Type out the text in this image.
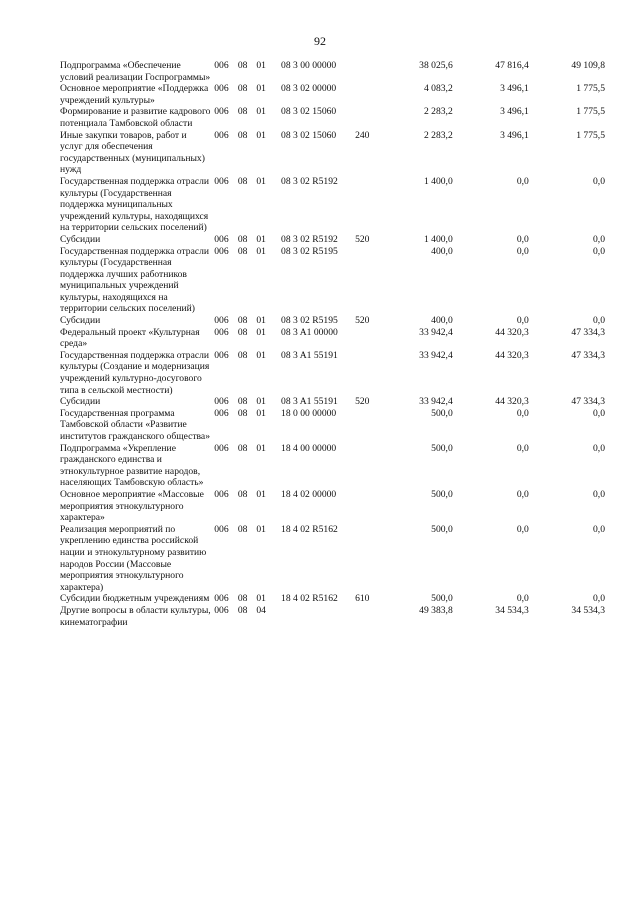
92
Подпрограмма «Обеспечение условий реализации Госпрограммы»	006	08	01	08 3 00 00000		38 025,6	47 816,4	49 109,8
Основное мероприятие «Поддержка учреждений культуры»	006	08	01	08 3 02 00000		4 083,2	3 496,1	1 775,5
Формирование и развитие кадрового потенциала Тамбовской области	006	08	01	08 3 02 15060		2 283,2	3 496,1	1 775,5
Иные закупки товаров, работ и услуг для обеспечения государственных (муниципальных) нужд	006	08	01	08 3 02 15060	240	2 283,2	3 496,1	1 775,5
Государственная поддержка отрасли культуры (Государственная поддержка муниципальных учреждений культуры, находящихся на территории сельских поселений)	006	08	01	08 3 02 R5192		1 400,0	0,0	0,0
Субсидии	006	08	01	08 3 02 R5192	520	1 400,0	0,0	0,0
Государственная поддержка отрасли культуры (Государственная поддержка лучших работников муниципальных учреждений культуры, находящихся на территории сельских поселений)	006	08	01	08 3 02 R5195		400,0	0,0	0,0
Субсидии	006	08	01	08 3 02 R5195	520	400,0	0,0	0,0
Федеральный проект «Культурная среда»	006	08	01	08 3 A1 00000		33 942,4	44 320,3	47 334,3
Государственная поддержка отрасли культуры (Создание и модернизация учреждений культурно-досугового типа в сельской местности)	006	08	01	08 3 A1 55191		33 942,4	44 320,3	47 334,3
Субсидии	006	08	01	08 3 A1 55191	520	33 942,4	44 320,3	47 334,3
Государственная программа Тамбовской области «Развитие институтов гражданского общества»	006	08	01	18 0 00 00000		500,0	0,0	0,0
Подпрограмма «Укрепление гражданского единства и этнокультурное развитие народов, населяющих Тамбовскую область»	006	08	01	18 4 00 00000		500,0	0,0	0,0
Основное мероприятие «Массовые мероприятия этнокультурного характера»	006	08	01	18 4 02 00000		500,0	0,0	0,0
Реализация мероприятий по укреплению единства российской нации и этнокультурному развитию народов России (Массовые мероприятия этнокультурного характера)	006	08	01	18 4 02 R5162		500,0	0,0	0,0
Субсидии бюджетным учреждениям	006	08	01	18 4 02 R5162	610	500,0	0,0	0,0
Другие вопросы в области культуры, кинематографии	006	08	04			49 383,8	34 534,3	34 534,3
